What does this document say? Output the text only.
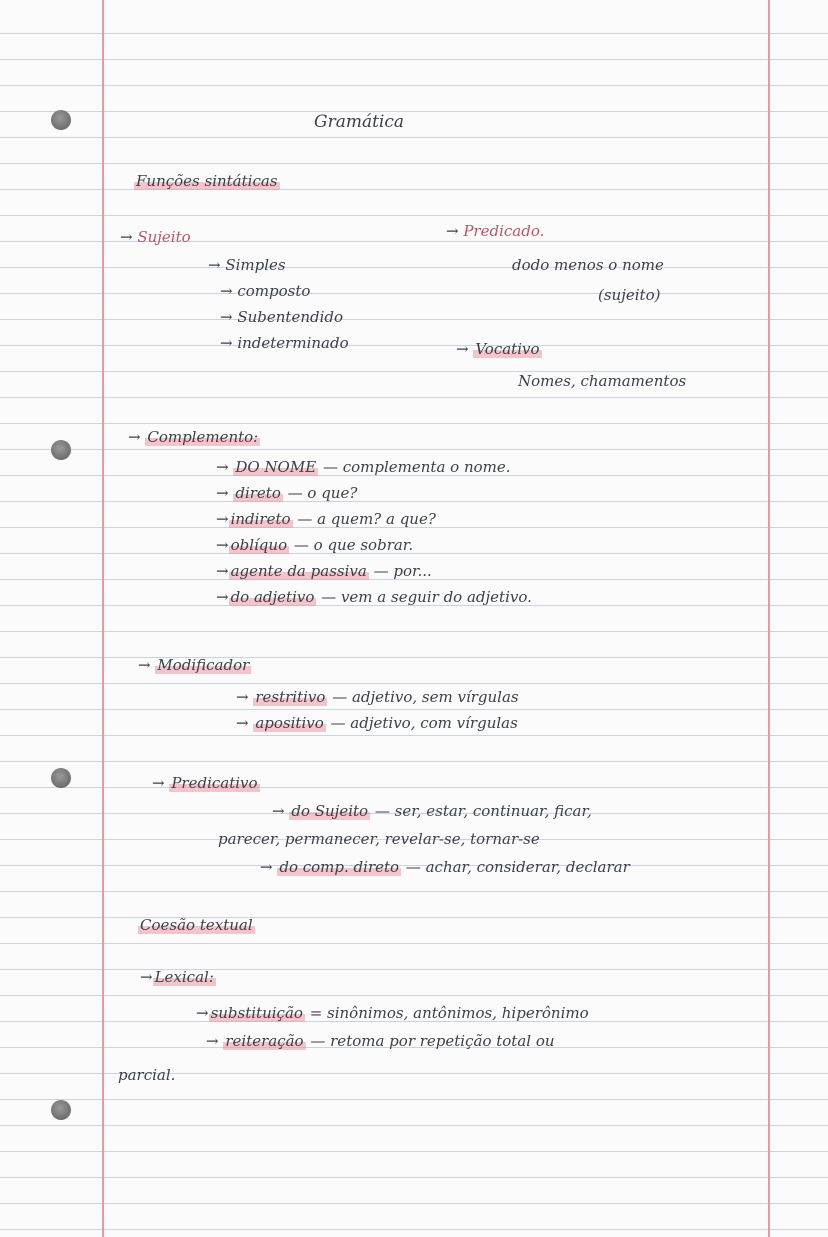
Gramática
Funções sintáticas
→ Sujeito
→ Simples
→ composto
→ Subentendido
→ indeterminado
→ Predicado.
dodo menos o nome
(sujeito)
→ Vocativo
Nomes, chamamentos
→ Complemento:
→ DO NOME — complementa o nome.
→ direto — o que?
→ indireto — a quem? a que?
→ oblíquo — o que sobrar.
→ agente da passiva — por...
→ do adjetivo — vem a seguir do adjetivo.
→ Modificador
→ restritivo — adjetivo, sem vírgulas
→ apositivo — adjetivo, com vírgulas
→ Predicativo
→ do Sujeito — ser, estar, continuar, ficar,
parecer, permanecer, revelar-se, tornar-se
→ do comp. direto — achar, considerar, declarar
Coesão textual
→ Lexical:
→ substituição = sinônimos, antônimos, hiperônimo
→ reiteração — retoma por repetição total ou
parcial.
